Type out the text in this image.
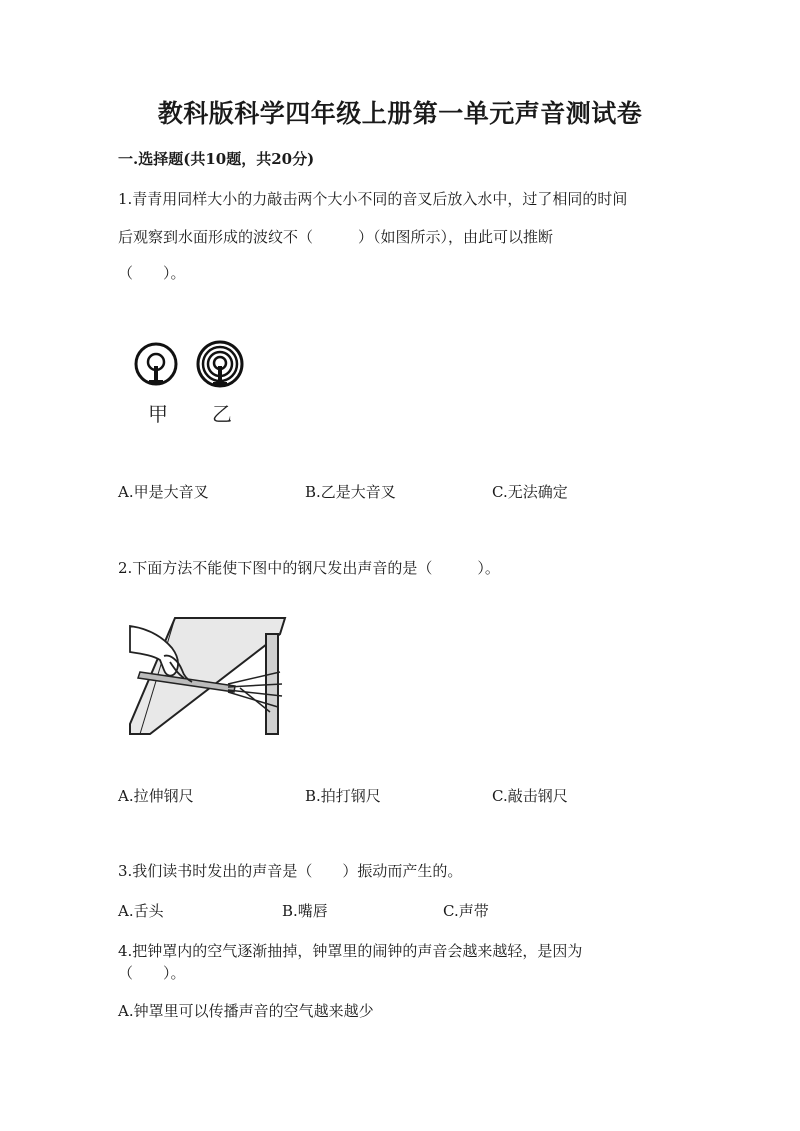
教科版科学四年级上册第一单元声音测试卷
一.选择题(共10题，共20分)
1.青青用同样大小的力敲击两个大小不同的音叉后放入水中，过了相同的时间
后观察到水面形成的波纹不（　　　）（如图所示），由此可以推断
（　　）。
甲 乙
A.甲是大音叉	B.乙是大音叉	C.无法确定
2.下面方法不能使下图中的钢尺发出声音的是（　　　）。
A.拉伸钢尺	B.拍打钢尺	C.敲击钢尺
3.我们读书时发出的声音是（　　）振动而产生的。
A.舌头	B.嘴唇	C.声带
4.把钟罩内的空气逐渐抽掉，钟罩里的闹钟的声音会越来越轻，是因为
（　　）。
A.钟罩里可以传播声音的空气越来越少
